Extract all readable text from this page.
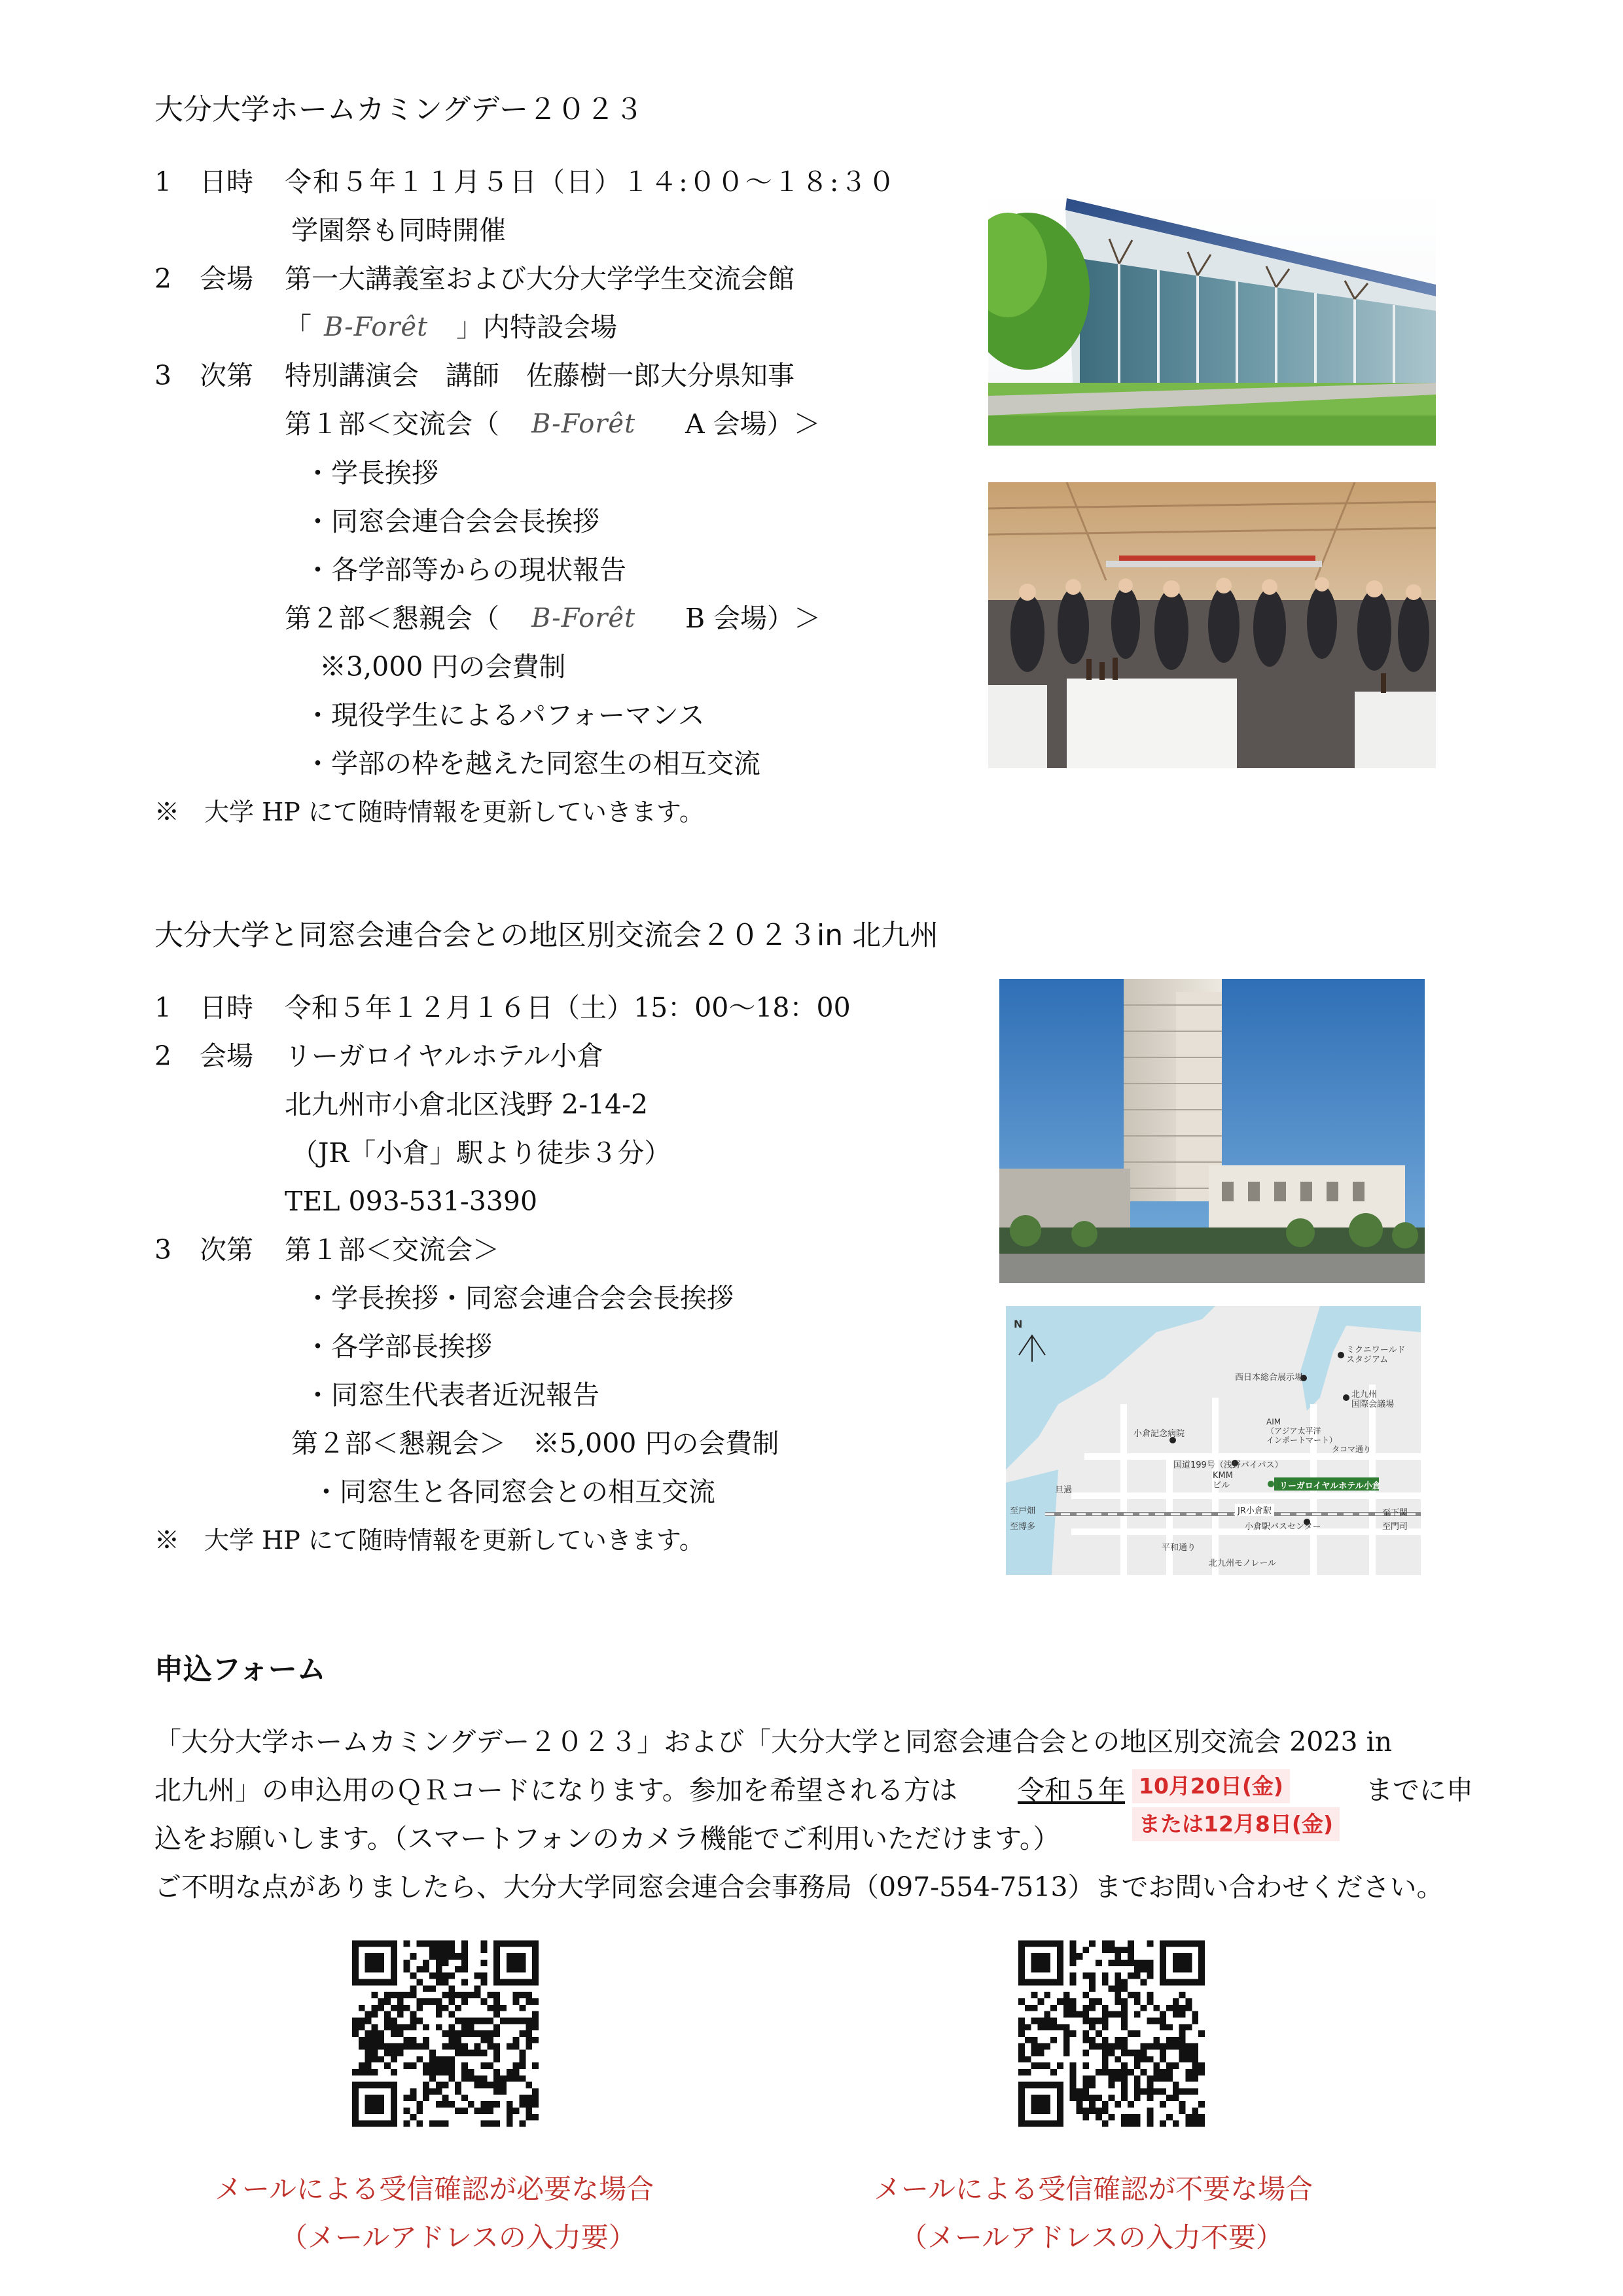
大分大学ホームカミングデー２０２３
1 日時 令和５年１１月５日（日）１４:００～１８:３０
学園祭も同時開催
2 会場 第一大講義室および大分大学学生交流会館
「 B-Forêt 」内特設会場
3 次第 特別講演会　講師　佐藤樹一郎大分県知事
第１部＜交流会（ B-Forêt A 会場）＞
・学長挨拶
・同窓会連合会会長挨拶
・各学部等からの現状報告
第２部＜懇親会（ B-Forêt B 会場）＞
※3,000 円の会費制
・現役学生によるパフォーマンス
・学部の枠を越えた同窓生の相互交流
※　大学 HP にて随時情報を更新していきます。
大分大学と同窓会連合会との地区別交流会２０２３in 北九州
1 日時 令和５年１２月１６日（土）15：00～18：00
2 会場 リーガロイヤルホテル小倉
北九州市小倉北区浅野 2-14-2
（JR「小倉」駅より徒歩３分）
TEL 093-531-3390
3 次第 第１部＜交流会＞
・学長挨拶・同窓会連合会会長挨拶
・各学部長挨拶
・同窓生代表者近況報告
第２部＜懇親会＞　※5,000 円の会費制
・同窓生と各同窓会との相互交流
※　大学 HP にて随時情報を更新していきます。
N
ミクニワールド
スタジアム
西日本総合展示場
北九州
国際会議場
小倉記念病院
AIM
（アジア太平洋
インポートマート）
国道199号（浅野バイパス）
KMM
ビル	リーガロイヤルホテル小倉
JR小倉駅
小倉駅バスセンター
平和通り
北九州モノレール
至下関
至門司
至戸畑
至博多
旦過
タコマ通り
申込フォーム
「大分大学ホームカミングデー２０２３」および「大分大学と同窓会連合会との地区別交流会 2023 in
北九州」の申込用のＱＲコードになります。参加を希望される方は 令和５年 10月20日(金)
または12月8日(金)
までに申
込をお願いします。（スマートフォンのカメラ機能でご利用いただけます。）
ご不明な点がありましたら、大分大学同窓会連合会事務局（097-554-7513）までお問い合わせください。
メールによる受信確認が必要な場合
（メールアドレスの入力要）
メールによる受信確認が不要な場合
（メールアドレスの入力不要）
